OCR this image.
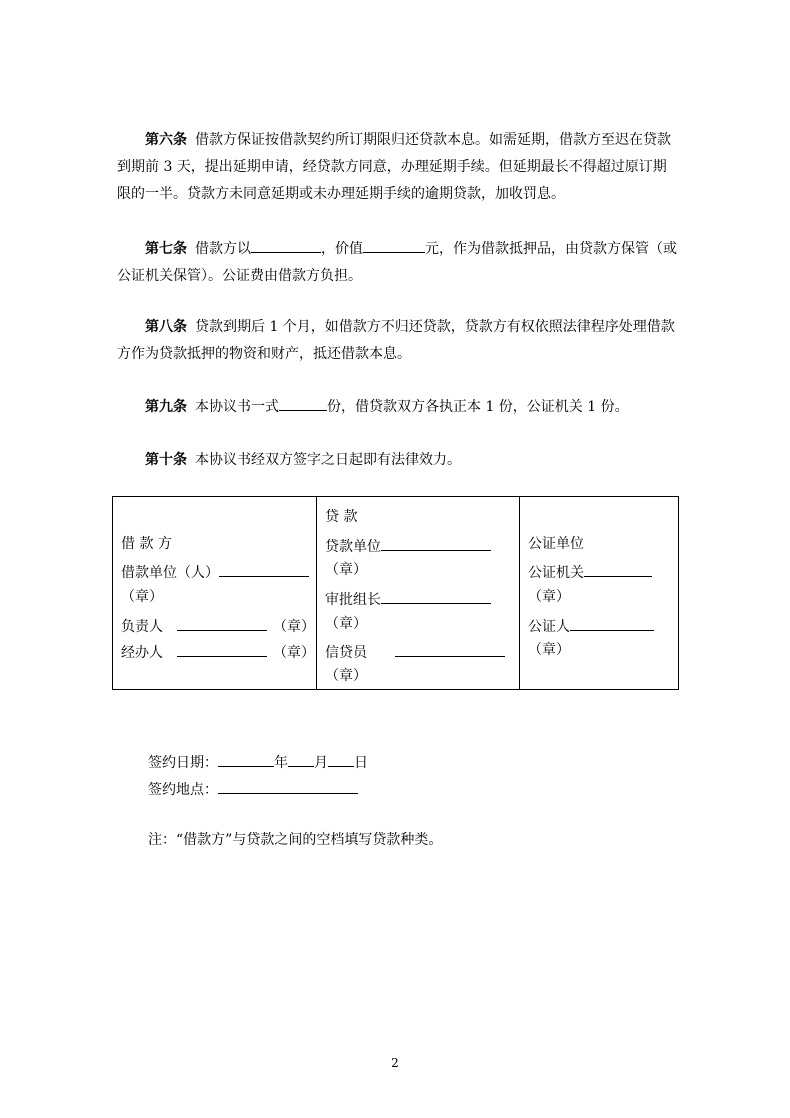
第六条 借款方保证按借款契约所订期限归还贷款本息。如需延期，借款方至迟在贷款到期前 3 天，提出延期申请，经贷款方同意，办理延期手续。但延期最长不得超过原订期限的一半。贷款方未同意延期或未办理延期手续的逾期贷款，加收罚息。

第七条 借款方以	，价值	元，作为借款抵押品，由贷款方保管（或公证机关保管）。公证费由借款方负担。

第八条 贷款到期后 1 个月，如借款方不归还贷款，贷款方有权依照法律程序处理借款方作为贷款抵押的物资和财产，抵还借款本息。

第九条 本协议书一式	份，借贷款双方各执正本 1 份，公证机关 1 份。

第十条 本协议书经双方签字之日起即有法律效力。

借 款 方
借款单位（人）
（章）
负责人	（章）
经办人	（章）

贷 款
贷款单位
（章）
审批组长
（章）
信贷员
（章）

公证单位
公证机关
（章）
公证人
（章）
签约日期：	年 月 日
签约地点：
注：“借款方”与贷款之间的空档填写贷款种类。
2
